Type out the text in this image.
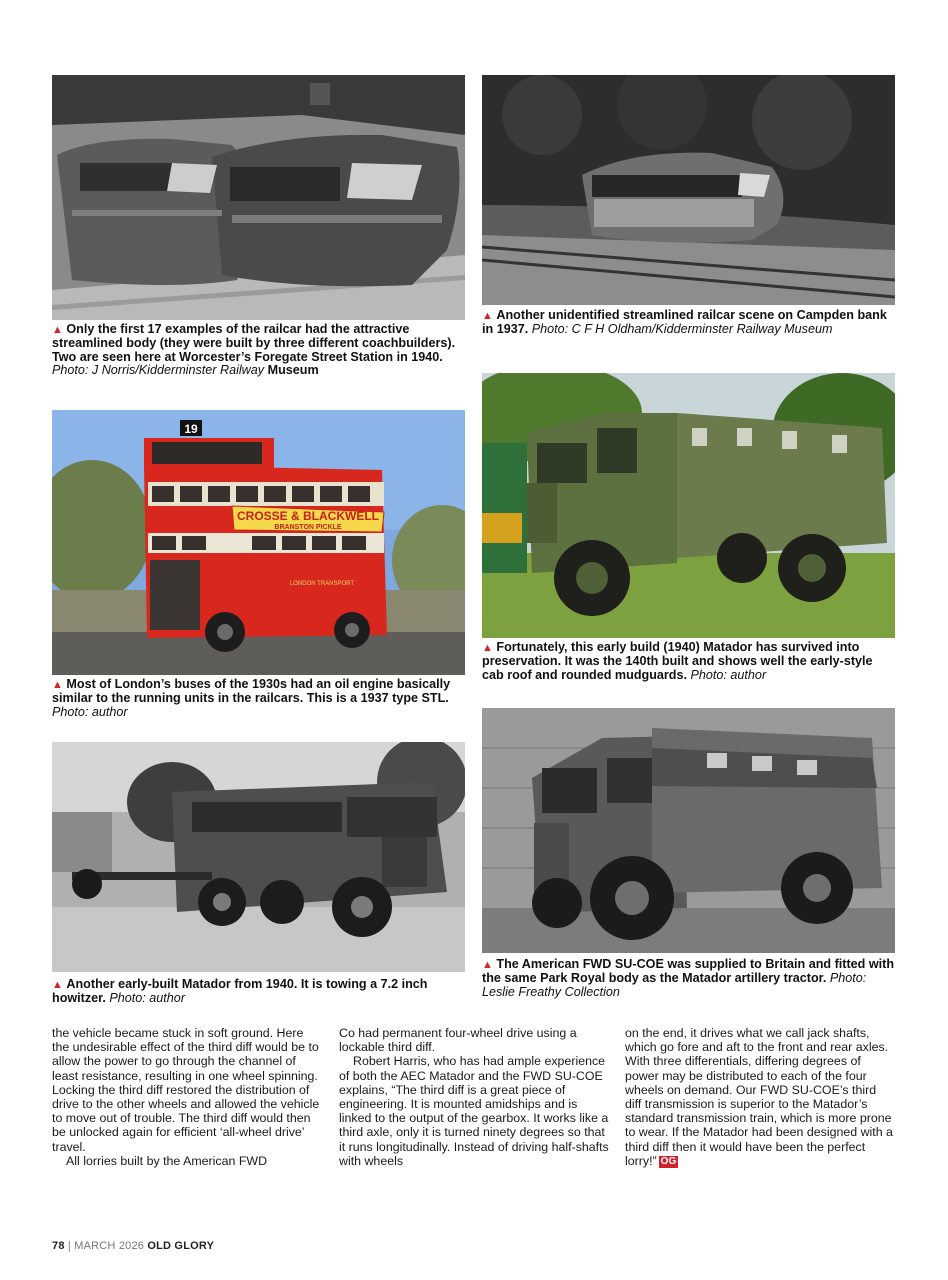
▲ Only the first 17 examples of the railcar had the attractive streamlined body (they were built by three different coachbuilders). Two are seen here at Worcester’s Foregate Street Station in 1940. Photo: J Norris/Kidderminster Railway Museum
▲ Another unidentified streamlined railcar scene on Campden bank in 1937. Photo: C F H Oldham/Kidderminster Railway Museum
CROSSE & BLACKWELL
BRANSTON PICKLE
19
LONDON TRANSPORT
▲ Fortunately, this early build (1940) Matador has survived into preservation. It was the 140th built and shows well the early-style cab roof and rounded mudguards. Photo: author
▲ Most of London’s buses of the 1930s had an oil engine basically similar to the running units in the railcars. This is a 1937 type STL. Photo: author
▲ The American FWD SU-COE was supplied to Britain and fitted with the same Park Royal body as the Matador artillery tractor. Photo: Leslie Freathy Collection
▲ Another early-built Matador from 1940. It is towing a 7.2 inch howitzer. Photo: author

the vehicle became stuck in soft ground. Here the undesirable effect of the third diff would be to allow the power to go through the channel of least resistance, resulting in one wheel spinning. Locking the third diff restored the distribution of drive to the other wheels and allowed the vehicle to move out of trouble. The third diff would then be unlocked again for efficient ‘all-wheel drive’ travel.

All lorries built by the American FWD

Co had permanent four-wheel drive using a lockable third diff.

Robert Harris, who has had ample experience of both the AEC Matador and the FWD SU-COE explains, “The third diff is a great piece of engineering. It is mounted amidships and is linked to the output of the gearbox. It works like a third axle, only it is turned ninety degrees so that it runs longitudinally. Instead of driving half-shafts with wheels

on the end, it drives what we call jack shafts, which go fore and aft to the front and rear axles. With three differentials, differing degrees of power may be distributed to each of the four wheels on demand. Our FWD SU-COE’s third diff transmission is superior to the Matador’s standard transmission train, which is more prone to wear. If the Matador had been designed with a third diff then it would have been the perfect lorry!” OG

78 | MARCH 2026 OLD GLORY
